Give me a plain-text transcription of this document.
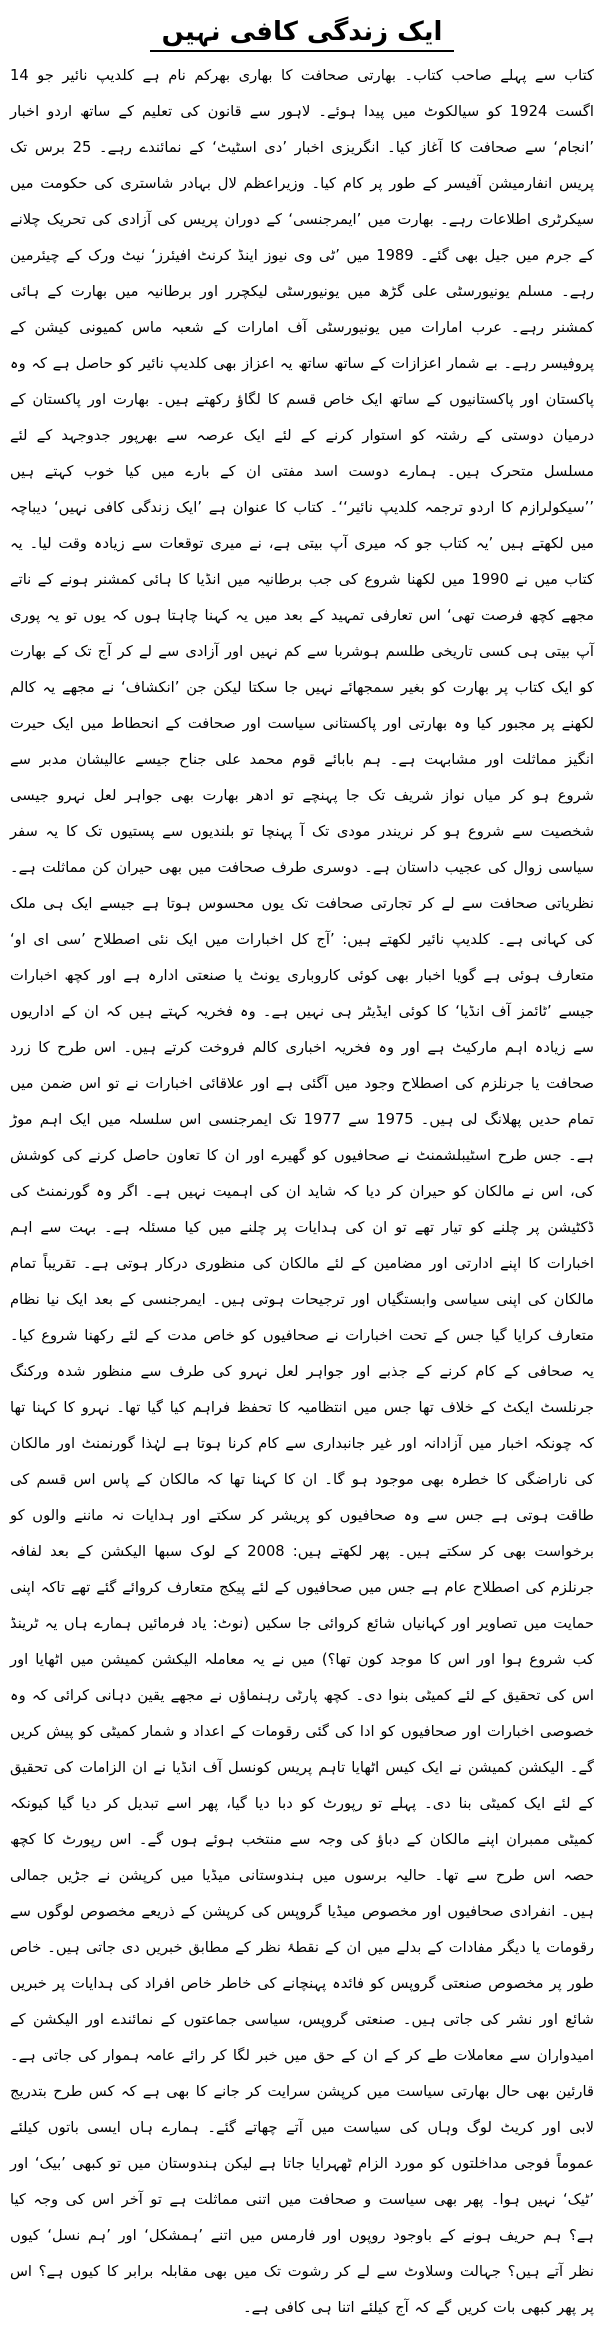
ایک زندگی کافی نہیں

کتاب سے پہلے صاحب کتاب۔ بھارتی صحافت کا بھاری بھرکم نام ہے کلدیپ نائیر جو 14 اگست 1924 کو سیالکوٹ میں پیدا ہوئے۔ لاہور سے قانون کی تعلیم کے ساتھ اردو اخبار ’انجام‘ سے صحافت کا آغاز کیا۔ انگریزی اخبار ’دی اسٹیٹ‘ کے نمائندے رہے۔ 25 برس تک پریس انفارمیشن آفیسر کے طور پر کام کیا۔ وزیراعظم لال بہادر شاستری کی حکومت میں سیکرٹری اطلاعات رہے۔ بھارت میں ’ایمرجنسی‘ کے دوران پریس کی آزادی کی تحریک چلانے کے جرم میں جیل بھی گئے۔ 1989 میں ’ٹی وی نیوز اینڈ کرنٹ افیئرز‘ نیٹ ورک کے چیئرمین رہے۔ مسلم یونیورسٹی علی گڑھ میں یونیورسٹی لیکچرر اور برطانیہ میں بھارت کے ہائی کمشنر رہے۔ عرب امارات میں یونیورسٹی آف امارات کے شعبہ ماس کمیونی کیشن کے پروفیسر رہے۔ بے شمار اعزازات کے ساتھ ساتھ یہ اعزاز بھی کلدیپ نائیر کو حاصل ہے کہ وہ پاکستان اور پاکستانیوں کے ساتھ ایک خاص قسم کا لگاؤ رکھتے ہیں۔ بھارت اور پاکستان کے درمیان دوستی کے رشتہ کو استوار کرنے کے لئے ایک عرصہ سے بھرپور جدوجہد کے لئے مسلسل متحرک ہیں۔ ہمارے دوست اسد مفتی ان کے بارے میں کیا خوب کہتے ہیں ’’سیکولرازم کا اردو ترجمہ کلدیپ نائیر‘‘۔ کتاب کا عنوان ہے ’ایک زندگی کافی نہیں‘ دیباچہ میں لکھتے ہیں ’یہ کتاب جو کہ میری آپ بیتی ہے، نے میری توقعات سے زیادہ وقت لیا۔ یہ کتاب میں نے 1990 میں لکھنا شروع کی جب برطانیہ میں انڈیا کا ہائی کمشنر ہونے کے ناتے مجھے کچھ فرصت تھی‘ اس تعارفی تمہید کے بعد میں یہ کہنا چاہتا ہوں کہ یوں تو یہ پوری آپ بیتی ہی کسی تاریخی طلسم ہوشربا سے کم نہیں اور آزادی سے لے کر آج تک کے بھارت کو ایک کتاب پر بھارت کو بغیر سمجھائے نہیں جا سکتا لیکن جن ’انکشاف‘ نے مجھے یہ کالم لکھنے پر مجبور کیا وہ بھارتی اور پاکستانی سیاست اور صحافت کے انحطاط میں ایک حیرت انگیز مماثلت اور مشابہت ہے۔ ہم بابائے قوم محمد علی جناح جیسے عالیشان مدبر سے شروع ہو کر میاں نواز شریف تک جا پہنچے تو ادھر بھارت بھی جواہر لعل نہرو جیسی شخصیت سے شروع ہو کر نریندر مودی تک آ پہنچا تو بلندیوں سے پستیوں تک کا یہ سفر سیاسی زوال کی عجیب داستان ہے۔ دوسری طرف صحافت میں بھی حیران کن مماثلت ہے۔ نظریاتی صحافت سے لے کر تجارتی صحافت تک یوں محسوس ہوتا ہے جیسے ایک ہی ملک کی کہانی ہے۔ کلدیپ نائیر لکھتے ہیں: ’آج کل اخبارات میں ایک نئی اصطلاح ’سی ای او‘ متعارف ہوئی ہے گویا اخبار بھی کوئی کاروباری یونٹ یا صنعتی ادارہ ہے اور کچھ اخبارات جیسے ’ٹائمز آف انڈیا‘ کا کوئی ایڈیٹر ہی نہیں ہے۔ وہ فخریہ کہتے ہیں کہ ان کے اداریوں سے زیادہ اہم مارکیٹ ہے اور وہ فخریہ اخباری کالم فروخت کرتے ہیں۔ اس طرح کا زرد صحافت یا جرنلزم کی اصطلاح وجود میں آگئی ہے اور علاقائی اخبارات نے تو اس ضمن میں تمام حدیں پھلانگ لی ہیں۔ 1975 سے 1977 تک ایمرجنسی اس سلسلہ میں ایک اہم موڑ ہے۔ جس طرح اسٹیبلشمنٹ نے صحافیوں کو گھیرے اور ان کا تعاون حاصل کرنے کی کوشش کی، اس نے مالکان کو حیران کر دیا کہ شاید ان کی اہمیت نہیں ہے۔ اگر وہ گورنمنٹ کی ڈکٹیشن پر چلنے کو تیار تھے تو ان کی ہدایات پر چلنے میں کیا مسئلہ ہے۔ بہت سے اہم اخبارات کا اپنے ادارتی اور مضامین کے لئے مالکان کی منظوری درکار ہوتی ہے۔ تقریباً تمام مالکان کی اپنی سیاسی وابستگیاں اور ترجیحات ہوتی ہیں۔ ایمرجنسی کے بعد ایک نیا نظام متعارف کرایا گیا جس کے تحت اخبارات نے صحافیوں کو خاص مدت کے لئے رکھنا شروع کیا۔ یہ صحافی کے کام کرنے کے جذبے اور جواہر لعل نہرو کی طرف سے منظور شدہ ورکنگ جرنلسٹ ایکٹ کے خلاف تھا جس میں انتظامیہ کا تحفظ فراہم کیا گیا تھا۔ نہرو کا کہنا تھا کہ چونکہ اخبار میں آزادانہ اور غیر جانبداری سے کام کرنا ہوتا ہے لہٰذا گورنمنٹ اور مالکان کی ناراضگی کا خطرہ بھی موجود ہو گا۔ ان کا کہنا تھا کہ مالکان کے پاس اس قسم کی طاقت ہوتی ہے جس سے وہ صحافیوں کو پریشر کر سکتے اور ہدایات نہ ماننے والوں کو برخواست بھی کر سکتے ہیں۔ پھر لکھتے ہیں: 2008 کے لوک سبھا الیکشن کے بعد لفافہ جرنلزم کی اصطلاح عام ہے جس میں صحافیوں کے لئے پیکج متعارف کروائے گئے تھے تاکہ اپنی حمایت میں تصاویر اور کہانیاں شائع کروائی جا سکیں (نوٹ: یاد فرمائیں ہمارے ہاں یہ ٹرینڈ کب شروع ہوا اور اس کا موجد کون تھا؟) میں نے یہ معاملہ الیکشن کمیشن میں اٹھایا اور اس کی تحقیق کے لئے کمیٹی بنوا دی۔ کچھ پارٹی رہنماؤں نے مجھے یقین دہانی کرائی کہ وہ خصوصی اخبارات اور صحافیوں کو ادا کی گئی رقومات کے اعداد و شمار کمیٹی کو پیش کریں گے۔ الیکشن کمیشن نے ایک کیس اٹھایا تاہم پریس کونسل آف انڈیا نے ان الزامات کی تحقیق کے لئے ایک کمیٹی بنا دی۔ پہلے تو رپورٹ کو دبا دیا گیا، پھر اسے تبدیل کر دیا گیا کیونکہ کمیٹی ممبران اپنے مالکان کے دباؤ کی وجہ سے منتخب ہوئے ہوں گے۔ اس رپورٹ کا کچھ حصہ اس طرح سے تھا۔ حالیہ برسوں میں ہندوستانی میڈیا میں کرپشن نے جڑیں جمالی ہیں۔ انفرادی صحافیوں اور مخصوص میڈیا گروپس کی کرپشن کے ذریعے مخصوص لوگوں سے رقومات یا دیگر مفادات کے بدلے میں ان کے نقطۂ نظر کے مطابق خبریں دی جاتی ہیں۔ خاص طور پر مخصوص صنعتی گروپس کو فائدہ پہنچانے کی خاطر خاص افراد کی ہدایات پر خبریں شائع اور نشر کی جاتی ہیں۔ صنعتی گروپس، سیاسی جماعتوں کے نمائندے اور الیکشن کے امیدواران سے معاملات طے کر کے ان کے حق میں خبر لگا کر رائے عامہ ہموار کی جاتی ہے۔ قارئین بھی حال بھارتی سیاست میں کرپشن سرایت کر جانے کا بھی ہے کہ کس طرح بتدریج لابی اور کریٹ لوگ وہاں کی سیاست میں آتے چھاتے گئے۔ ہمارے ہاں ایسی باتوں کیلئے عموماً فوجی مداخلتوں کو مورد الزام ٹھہرایا جاتا ہے لیکن ہندوستان میں تو کبھی ’بیک‘ اور ’ٹیک‘ نہیں ہوا۔ پھر بھی سیاست و صحافت میں اتنی مماثلت ہے تو آخر اس کی وجہ کیا ہے؟ ہم حریف ہونے کے باوجود روپوں اور فارمس میں اتنے ’ہمشکل‘ اور ’ہم نسل‘ کیوں نظر آتے ہیں؟ جہالت وسلاوٹ سے لے کر رشوت تک میں بھی مقابلہ برابر کا کیوں ہے؟ اس پر پھر کبھی بات کریں گے کہ آج کیلئے اتنا ہی کافی ہے۔
